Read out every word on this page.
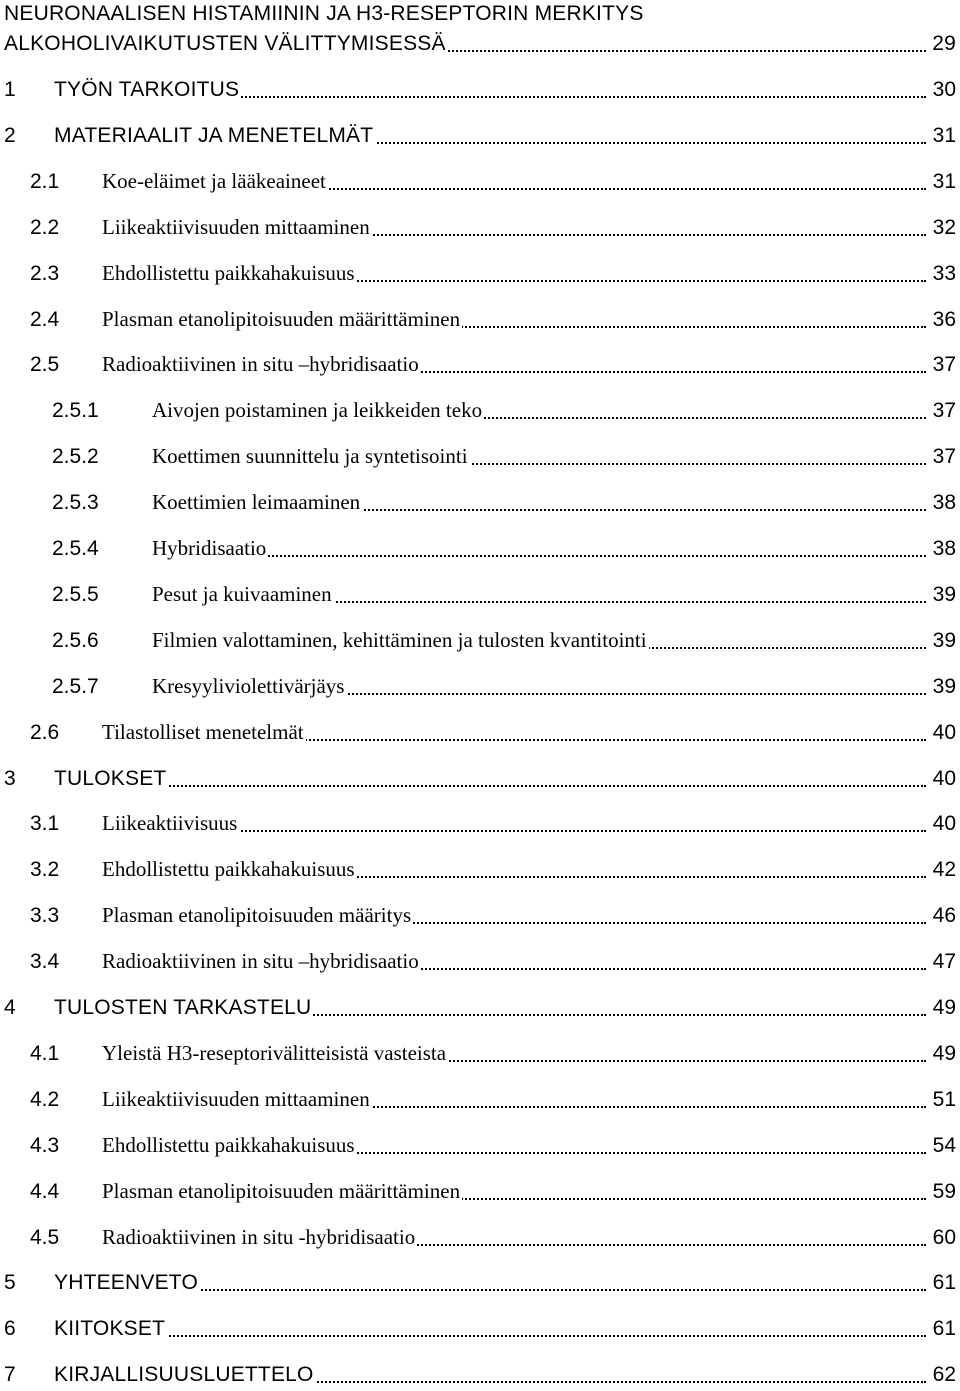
NEURONAALISEN HISTAMIININ JA H3-RESEPTORIN MERKITYS
ALKOHOLIVAIKUTUSTEN VÄLITTYMISESSÄ	29
1 TYÖN TARKOITUS	30
2 MATERIAALIT JA MENETELMÄT	31
2.1 Koe-eläimet ja lääkeaineet	31
2.2 Liikeaktiivisuuden mittaaminen	32
2.3 Ehdollistettu paikkahakuisuus	33
2.4 Plasman etanolipitoisuuden määrittäminen	36
2.5 Radioaktiivinen in situ –hybridisaatio	37
2.5.1	Aivojen poistaminen ja leikkeiden teko	37
2.5.2	Koettimen suunnittelu ja syntetisointi	37
2.5.3	Koettimien leimaaminen	38
2.5.4	Hybridisaatio	38
2.5.5	Pesut ja kuivaaminen	39
2.5.6	Filmien valottaminen, kehittäminen ja tulosten kvantitointi	39
2.5.7	Kresyyliviolettivärjäys	39
2.6 Tilastolliset menetelmät	40
3 TULOKSET	40
3.1 Liikeaktiivisuus	40
3.2 Ehdollistettu paikkahakuisuus	42
3.3 Plasman etanolipitoisuuden määritys	46
3.4 Radioaktiivinen in situ –hybridisaatio	47
4 TULOSTEN TARKASTELU	49
4.1 Yleistä H3-reseptorivälitteisistä vasteista	49
4.2 Liikeaktiivisuuden mittaaminen	51
4.3 Ehdollistettu paikkahakuisuus	54
4.4 Plasman etanolipitoisuuden määrittäminen	59
4.5 Radioaktiivinen in situ -hybridisaatio	60
5 YHTEENVETO	61
6 KIITOKSET	61
7 KIRJALLISUUSLUETTELO	62
